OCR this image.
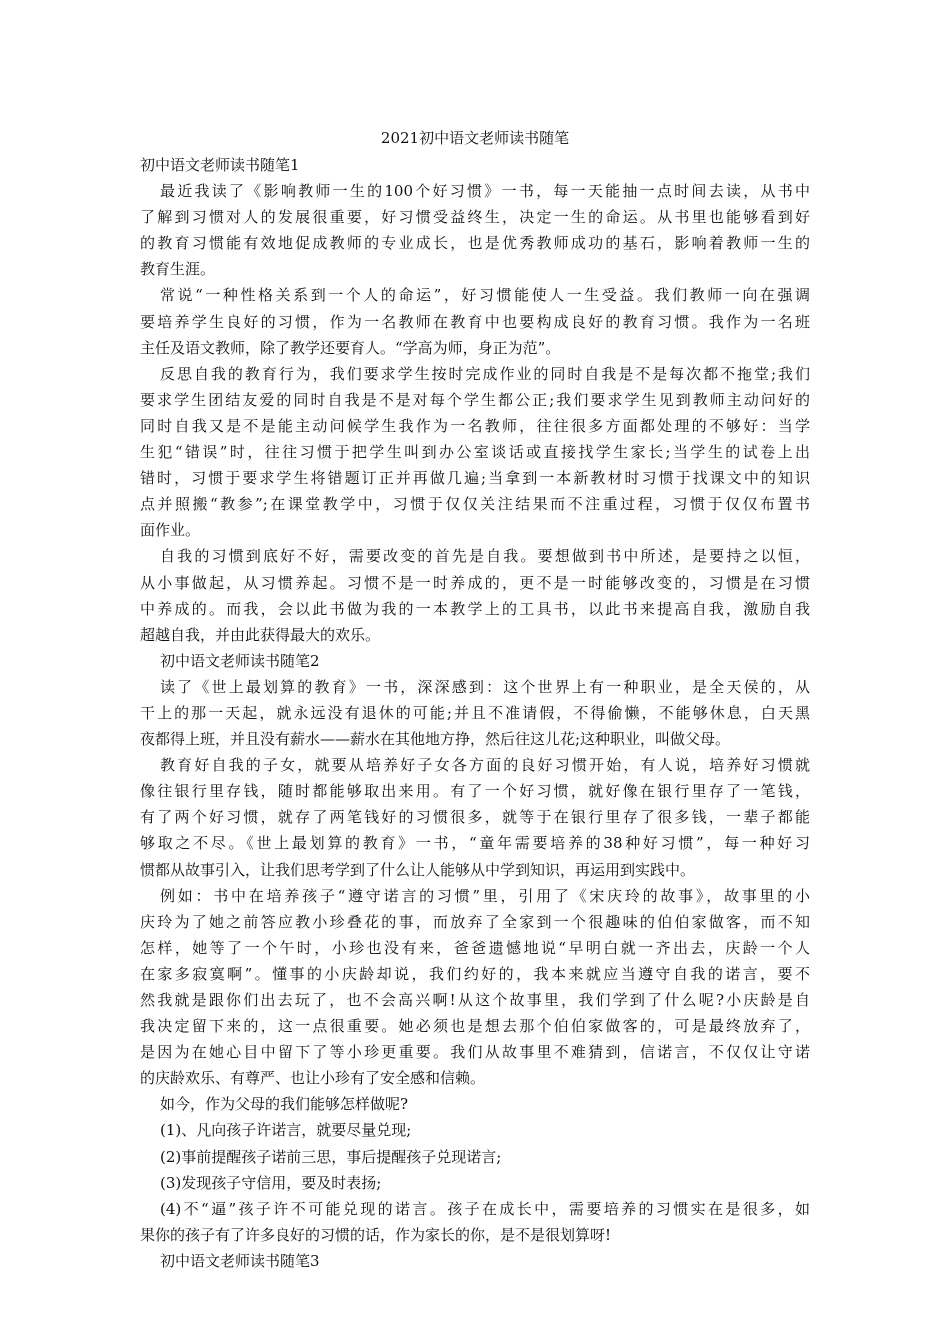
2021初中语文老师读书随笔

初中语文老师读书随笔1

最近我读了《影响教师一生的100个好习惯》一书，每一天能抽一点时间去读，从书中

了解到习惯对人的发展很重要，好习惯受益终生，决定一生的命运。从书里也能够看到好

的教育习惯能有效地促成教师的专业成长，也是优秀教师成功的基石，影响着教师一生的

教育生涯。

常说“一种性格关系到一个人的命运”，好习惯能使人一生受益。我们教师一向在强调

要培养学生良好的习惯，作为一名教师在教育中也要构成良好的教育习惯。我作为一名班

主任及语文教师，除了教学还要育人。“学高为师，身正为范”。

反思自我的教育行为，我们要求学生按时完成作业的同时自我是不是每次都不拖堂;我们

要求学生团结友爱的同时自我是不是对每个学生都公正;我们要求学生见到教师主动问好的

同时自我又是不是能主动问候学生我作为一名教师，往往很多方面都处理的不够好：当学

生犯“错误”时，往往习惯于把学生叫到办公室谈话或直接找学生家长;当学生的试卷上出

错时，习惯于要求学生将错题订正并再做几遍;当拿到一本新教材时习惯于找课文中的知识

点并照搬“教参”;在课堂教学中，习惯于仅仅关注结果而不注重过程，习惯于仅仅布置书

面作业。

自我的习惯到底好不好，需要改变的首先是自我。要想做到书中所述，是要持之以恒，

从小事做起，从习惯养起。习惯不是一时养成的，更不是一时能够改变的，习惯是在习惯

中养成的。而我，会以此书做为我的一本教学上的工具书，以此书来提高自我，激励自我

超越自我，并由此获得最大的欢乐。

初中语文老师读书随笔2

读了《世上最划算的教育》一书，深深感到：这个世界上有一种职业，是全天侯的，从

干上的那一天起，就永远没有退休的可能;并且不准请假，不得偷懒，不能够休息，白天黑

夜都得上班，并且没有薪水——薪水在其他地方挣，然后往这儿花;这种职业，叫做父母。

教育好自我的子女，就要从培养好子女各方面的良好习惯开始，有人说，培养好习惯就

像往银行里存钱，随时都能够取出来用。有了一个好习惯，就好像在银行里存了一笔钱，

有了两个好习惯，就存了两笔钱好的习惯很多，就等于在银行里存了很多钱，一辈子都能

够取之不尽。《世上最划算的教育》一书，“童年需要培养的38种好习惯”，每一种好习

惯都从故事引入，让我们思考学到了什么让人能够从中学到知识，再运用到实践中。

例如：书中在培养孩子“遵守诺言的习惯”里，引用了《宋庆玲的故事》，故事里的小

庆玲为了她之前答应教小珍叠花的事，而放弃了全家到一个很趣味的伯伯家做客，而不知

怎样，她等了一个午时，小珍也没有来，爸爸遗憾地说“早明白就一齐出去，庆龄一个人

在家多寂寞啊”。懂事的小庆龄却说，我们约好的，我本来就应当遵守自我的诺言，要不

然我就是跟你们出去玩了，也不会高兴啊!从这个故事里，我们学到了什么呢?小庆龄是自

我决定留下来的，这一点很重要。她必须也是想去那个伯伯家做客的，可是最终放弃了，

是因为在她心目中留下了等小珍更重要。我们从故事里不难猜到，信诺言，不仅仅让守诺

的庆龄欢乐、有尊严、也让小珍有了安全感和信赖。

如今，作为父母的我们能够怎样做呢?

(1)、凡向孩子许诺言，就要尽量兑现;

(2)事前提醒孩子诺前三思，事后提醒孩子兑现诺言;

(3)发现孩子守信用，要及时表扬;

(4)不“逼”孩子许不可能兑现的诺言。孩子在成长中，需要培养的习惯实在是很多，如

果你的孩子有了许多良好的习惯的话，作为家长的你，是不是很划算呀!

初中语文老师读书随笔3
